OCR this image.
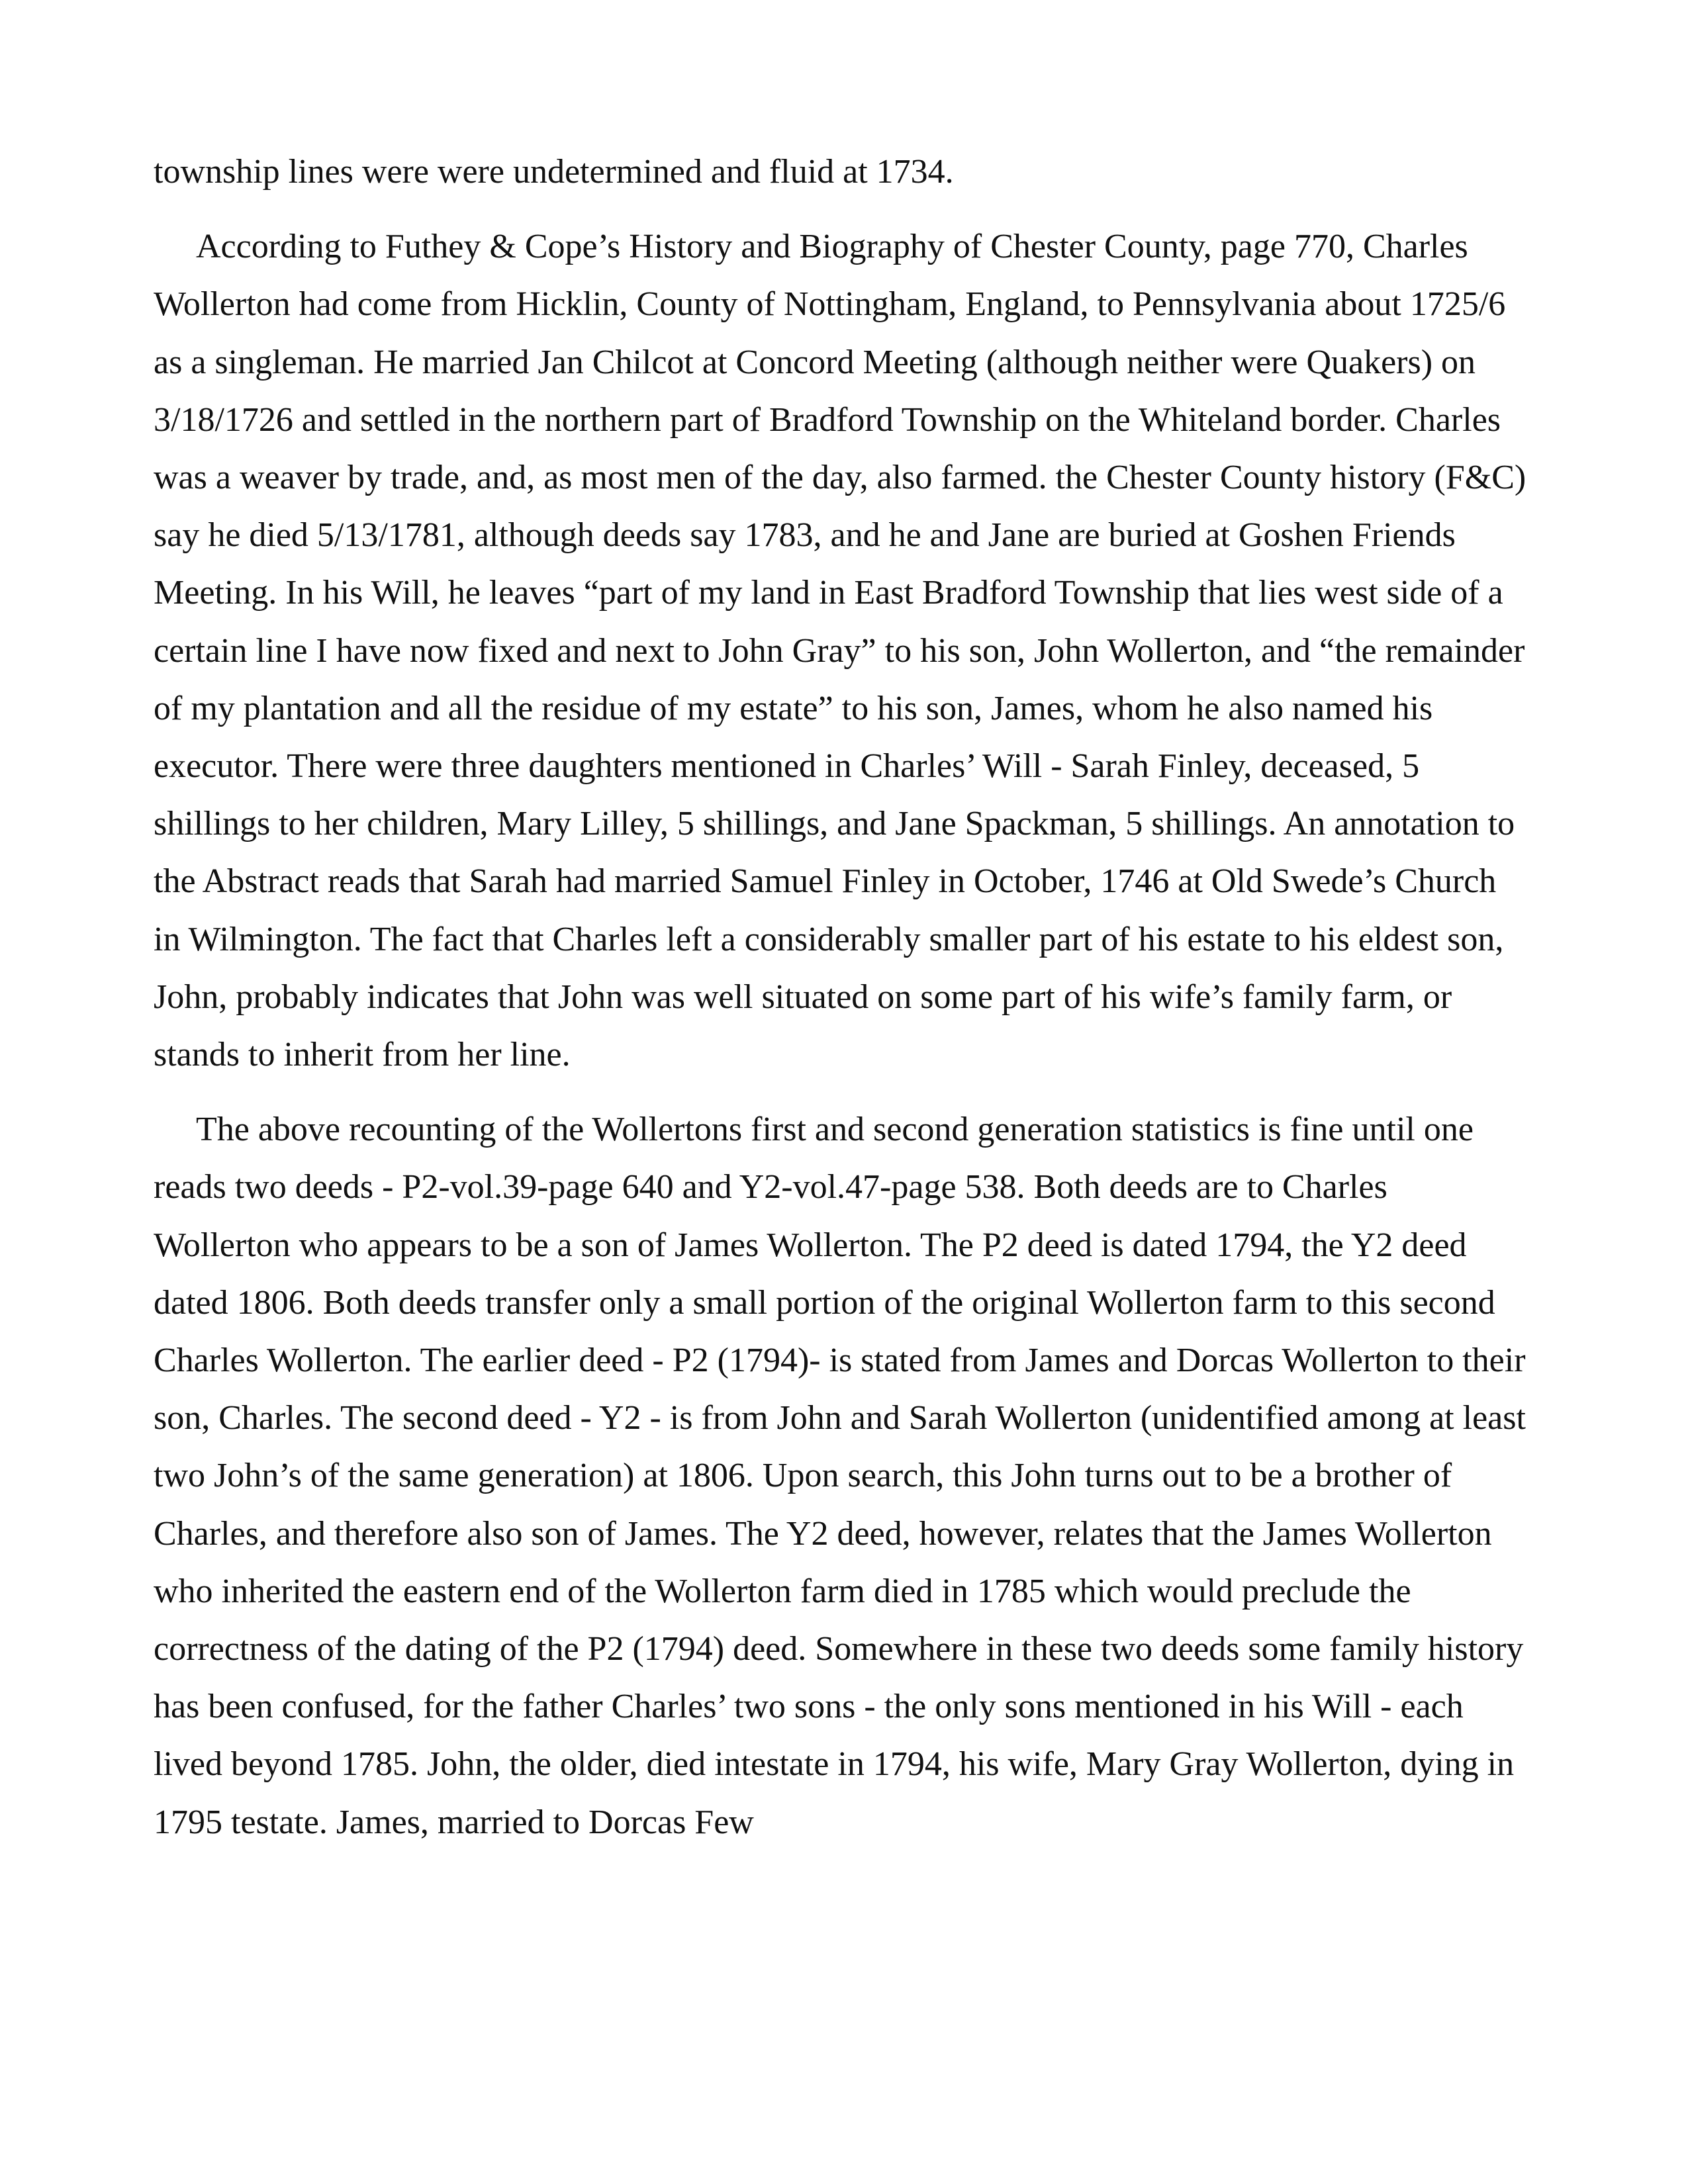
township lines were were undetermined and fluid at 1734.

According to Futhey & Cope’s History and Biography of Chester County, page 770, Charles Wollerton had come from Hicklin, County of Nottingham, England, to Pennsylvania about 1725/6 as a singleman. He married Jan Chilcot at Concord Meeting (although neither were Quakers) on 3/18/1726 and settled in the northern part of Bradford Township on the Whiteland border. Charles was a weaver by trade, and, as most men of the day, also farmed. the Chester County history (F&C) say he died 5/13/1781, although deeds say 1783, and he and Jane are buried at Goshen Friends Meeting. In his Will, he leaves “part of my land in East Bradford Township that lies west side of a certain line I have now fixed and next to John Gray” to his son, John Wollerton, and “the remainder of my plantation and all the residue of my estate” to his son, James, whom he also named his executor. There were three daughters mentioned in Charles’ Will - Sarah Finley, deceased, 5 shillings to her children, Mary Lilley, 5 shillings, and Jane Spackman, 5 shillings. An annotation to the Abstract reads that Sarah had married Samuel Finley in October, 1746 at Old Swede’s Church in Wilmington. The fact that Charles left a considerably smaller part of his estate to his eldest son, John, probably indicates that John was well situated on some part of his wife’s family farm, or stands to inherit from her line.

The above recounting of the Wollertons first and second generation statistics is fine until one reads two deeds - P2-vol.39-page 640 and Y2-vol.47-page 538. Both deeds are to Charles Wollerton who appears to be a son of James Wollerton. The P2 deed is dated 1794, the Y2 deed dated 1806. Both deeds transfer only a small portion of the original Wollerton farm to this second Charles Wollerton. The earlier deed - P2 (1794)- is stated from James and Dorcas Wollerton to their son, Charles. The second deed - Y2 - is from John and Sarah Wollerton (unidentified among at least two John’s of the same generation) at 1806. Upon search, this John turns out to be a brother of Charles, and therefore also son of James. The Y2 deed, however, relates that the James Wollerton who inherited the eastern end of the Wollerton farm died in 1785 which would preclude the correctness of the dating of the P2 (1794) deed. Somewhere in these two deeds some family history has been confused, for the father Charles’ two sons - the only sons mentioned in his Will - each lived beyond 1785. John, the older, died intestate in 1794, his wife, Mary Gray Wollerton, dying in 1795 testate. James, married to Dorcas Few
